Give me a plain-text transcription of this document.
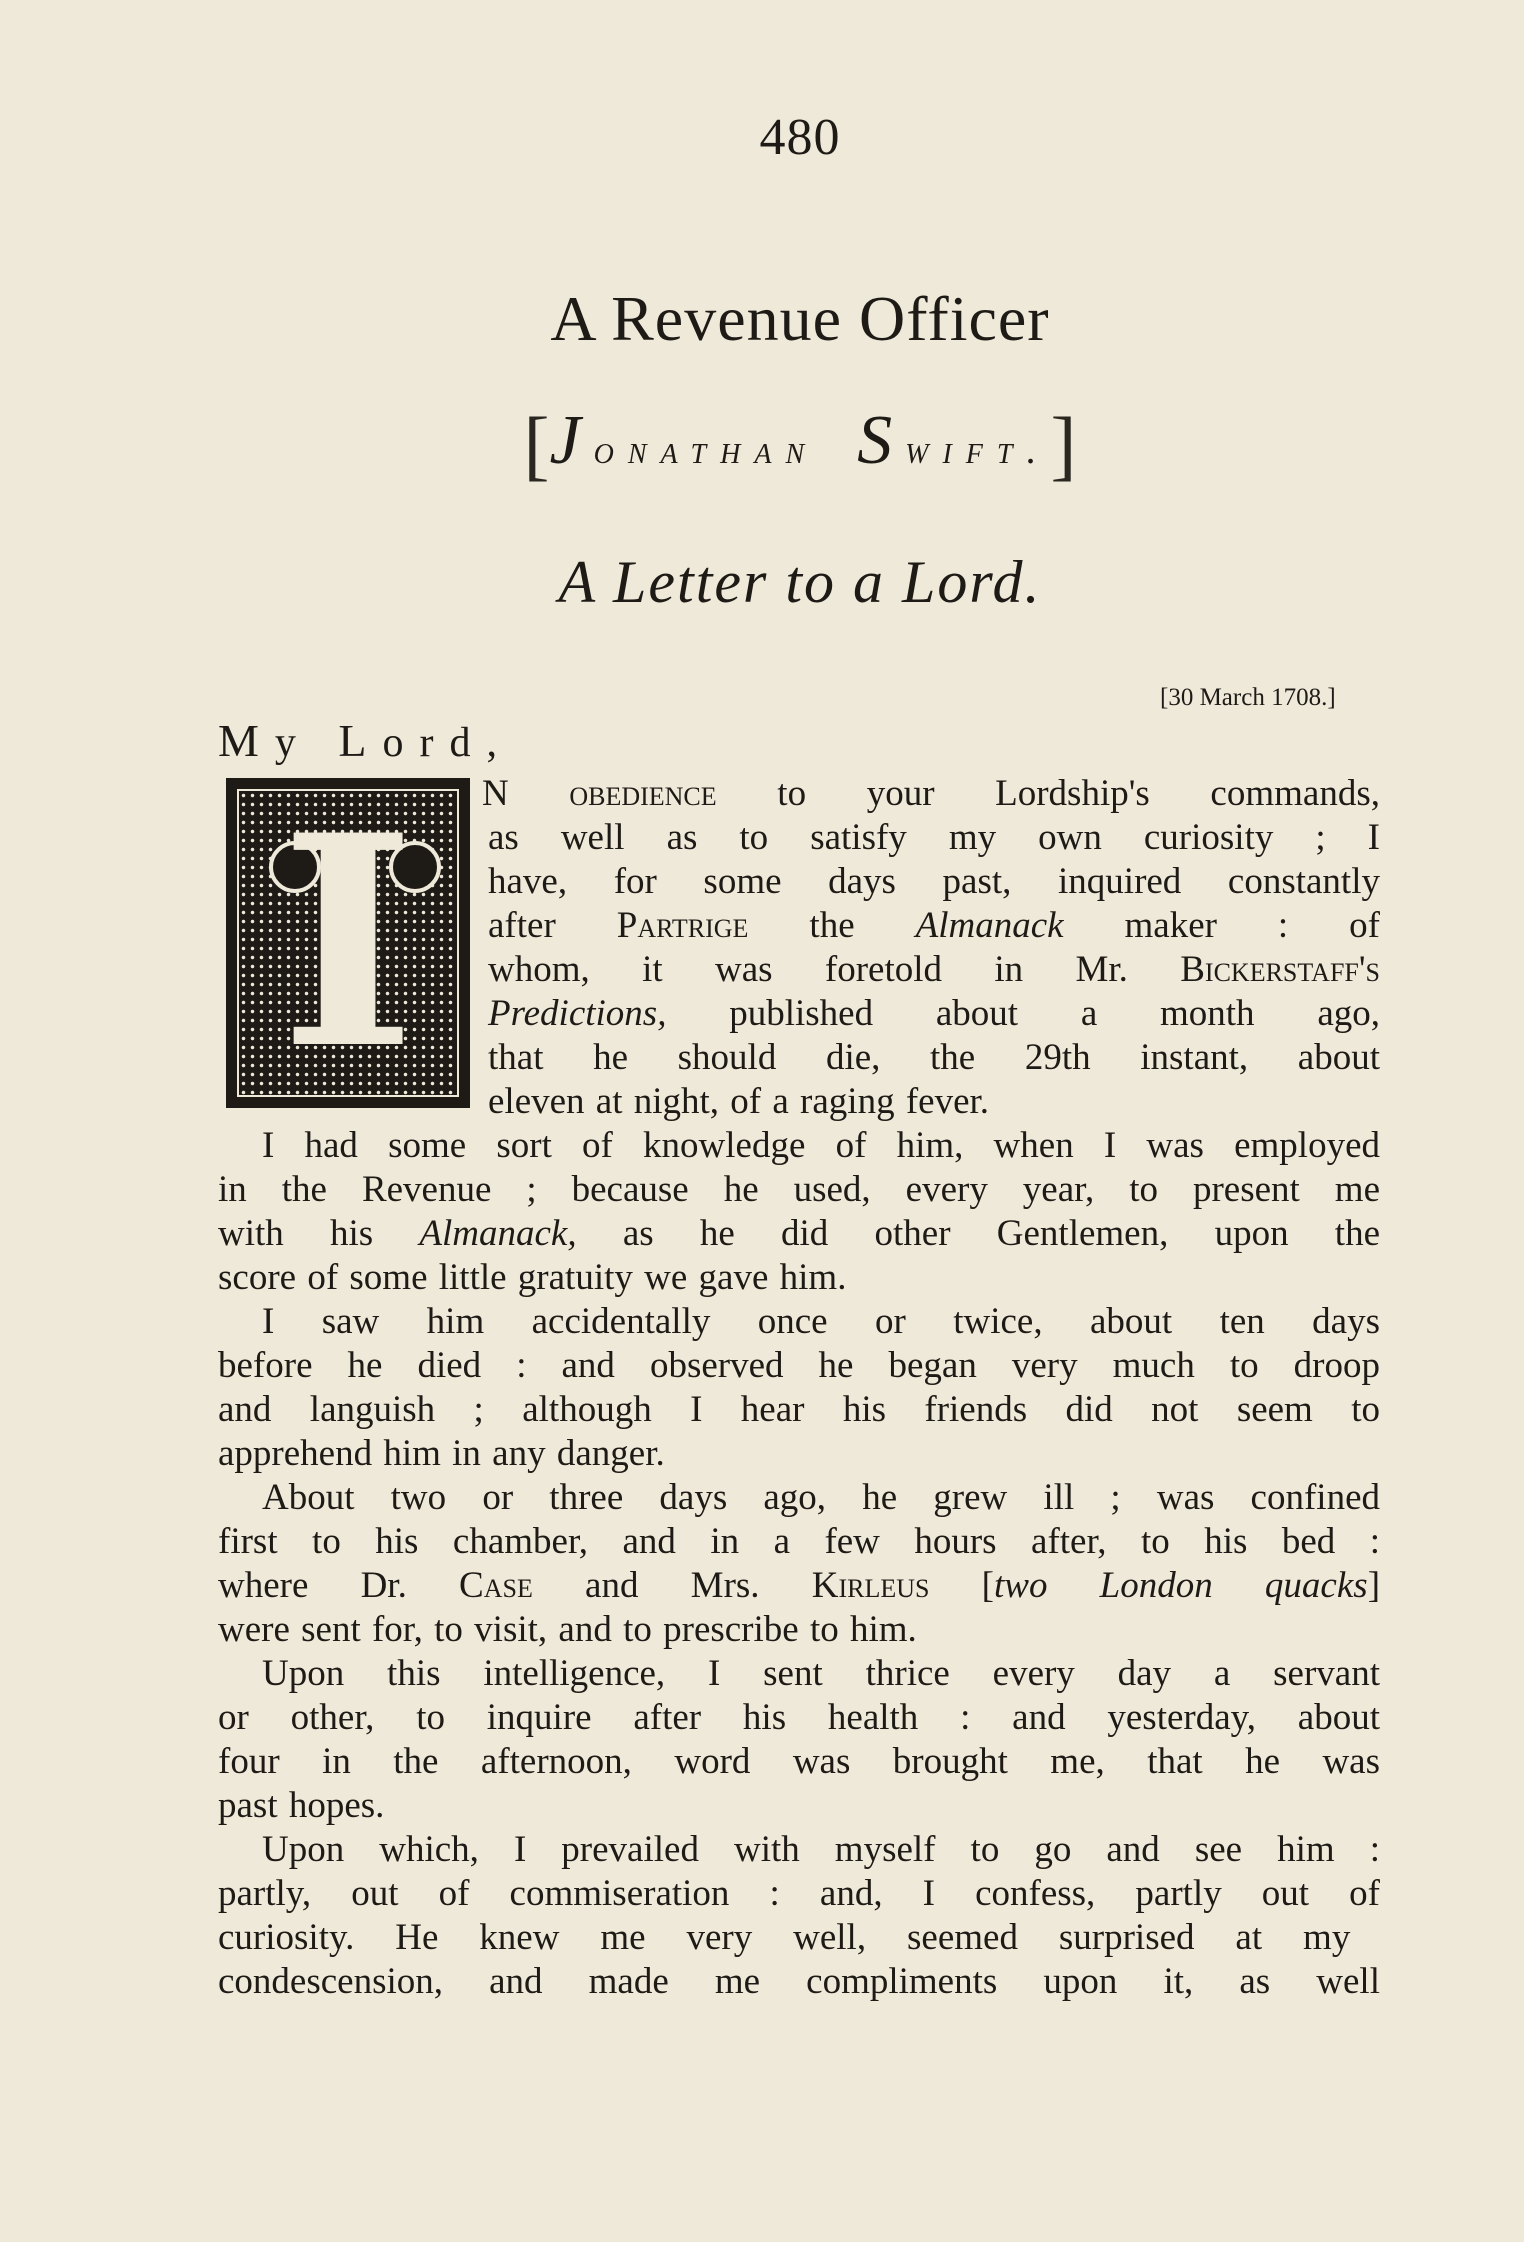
480
A Revenue Officer
[J onathan S wift.]
A Letter to a Lord.
[30 March 1708.]
My Lord,
I	N obedience to your Lordship's commands,
as well as to satisfy my own curiosity ; I
have, for some days past, inquired constantly
after Partrige the Almanack maker : of
whom, it was foretold in Mr. Bickerstaff's
Predictions, published about a month ago,
that he should die, the 29th instant, about
eleven at night, of a raging fever.
I had some sort of knowledge of him, when I was employed
in the Revenue ; because he used, every year, to present me
with his Almanack, as he did other Gentlemen, upon the
score of some little gratuity we gave him.
I saw him accidentally once or twice, about ten days
before he died : and observed he began very much to droop
and languish ; although I hear his friends did not seem to
apprehend him in any danger.
About two or three days ago, he grew ill ; was confined
first to his chamber, and in a few hours after, to his bed :
where Dr. Case and Mrs. Kirleus [two London quacks]
were sent for, to visit, and to prescribe to him.
Upon this intelligence, I sent thrice every day a servant
or other, to inquire after his health : and yesterday, about
four in the afternoon, word was brought me, that he was
past hopes.
Upon which, I prevailed with myself to go and see him :
partly, out of commiseration : and, I confess, partly out of
curiosity. He knew me very well, seemed surprised at my
condescension, and made me compliments upon it, as well
